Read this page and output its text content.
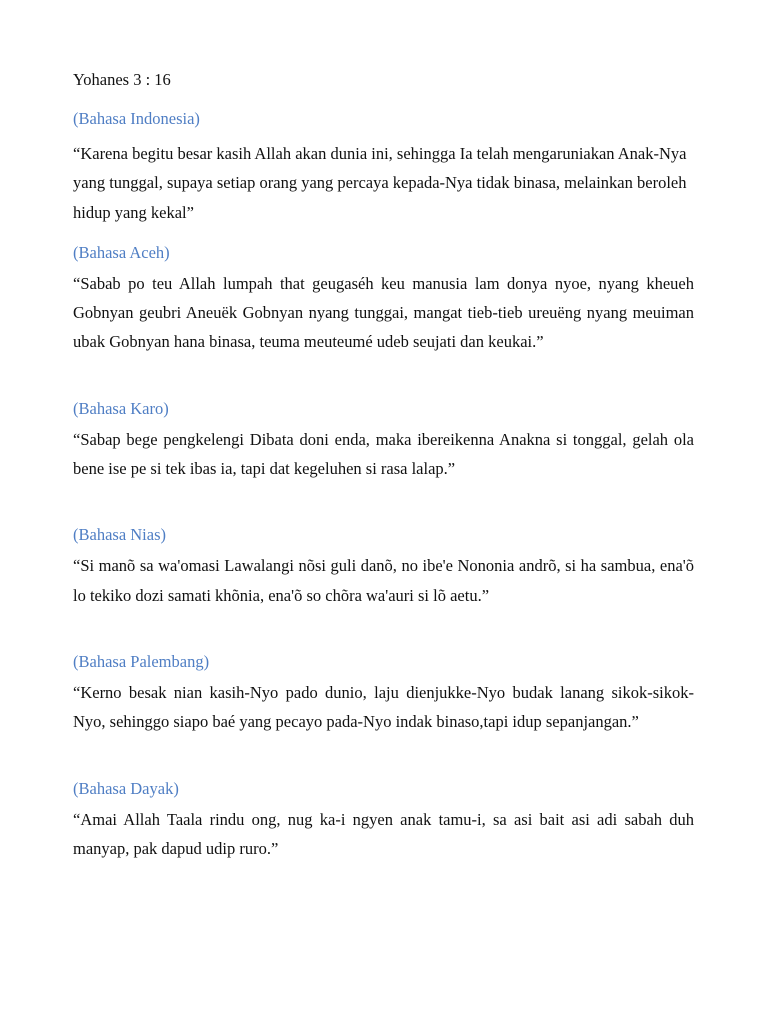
Yohanes 3 : 16
(Bahasa Indonesia)

“Karena begitu besar kasih Allah akan dunia ini, sehingga Ia telah mengaruniakan Anak-Nya yang tunggal, supaya setiap orang yang percaya kepada-Nya tidak binasa, melainkan beroleh hidup yang kekal”

(Bahasa Aceh)

“Sabab po teu Allah lumpah that geugaséh keu manusia lam donya nyoe, nyang kheueh Gobnyan geubri Aneuëk Gobnyan nyang tunggai, mangat tieb-tieb ureuëng nyang meuiman ubak Gobnyan hana binasa, teuma meuteumé udeb seujati dan keukai.”

(Bahasa Karo)

“Sabap bege pengkelengi Dibata doni enda, maka ibereikenna Anakna si tonggal, gelah ola bene ise pe si tek ibas ia, tapi dat kegeluhen si rasa lalap.”

(Bahasa Nias)

“Si manõ sa wa'omasi Lawalangi nõsi guli danõ, no ibe'e Nononia andrõ, si ha sambua, ena'õ lo tekiko dozi samati khõnia, ena'õ so chõra wa'auri si lõ aetu.”

(Bahasa Palembang)

“Kerno besak nian kasih-Nyo pado dunio, laju dienjukke-Nyo budak lanang sikok-sikok-Nyo, sehinggo siapo baé yang pecayo pada-Nyo indak binaso,tapi idup sepanjangan.”

(Bahasa Dayak)

“Amai Allah Taala rindu ong, nug ka-i ngyen anak tamu-i, sa asi bait asi adi sabah duh manyap, pak dapud udip ruro.”
